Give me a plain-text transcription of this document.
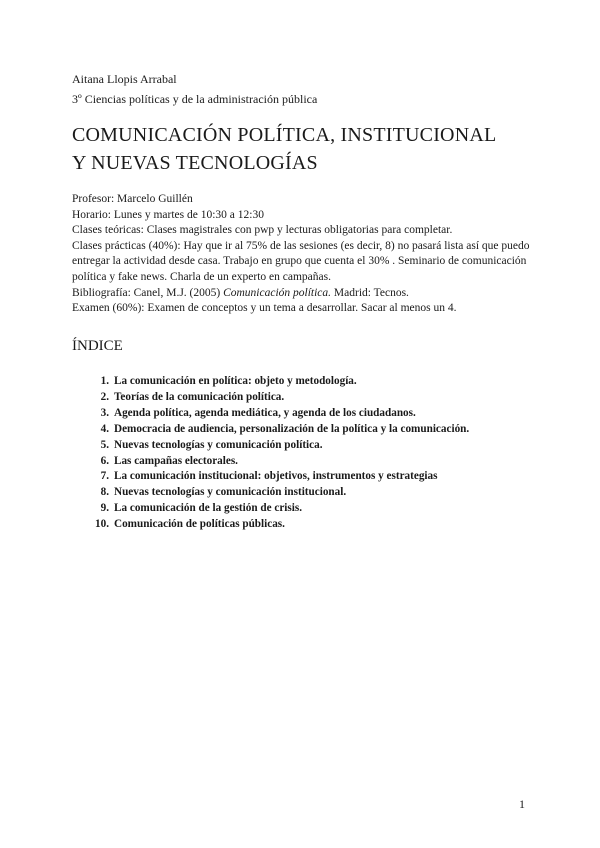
Aitana Llopis Arrabal
3º Ciencias políticas y de la administración pública
COMUNICACIÓN POLÍTICA, INSTITUCIONAL
Y NUEVAS TECNOLOGÍAS

Profesor: Marcelo Guillén

Horario: Lunes y martes de 10:30 a 12:30

Clases teóricas: Clases magistrales con pwp y lecturas obligatorias para completar.

Clases prácticas (40%): Hay que ir al 75% de las sesiones (es decir, 8) no pasará lista así que puedo entregar la actividad desde casa. Trabajo en grupo que cuenta el 30% . Seminario de comunicación política y fake news. Charla de un experto en campañas.

Bibliografía: Canel, M.J. (2005) Comunicación política. Madrid: Tecnos.

Examen (60%): Examen de conceptos y un tema a desarrollar. Sacar al menos un 4.

ÍNDICE
1. La comunicación en política: objeto y metodología.
2. Teorías de la comunicación política.
3. Agenda política, agenda mediática, y agenda de los ciudadanos.
4. Democracia de audiencia, personalización de la política y la comunicación.
5. Nuevas tecnologías y comunicación política.
6. Las campañas electorales.
7. La comunicación institucional: objetivos, instrumentos y estrategias
8. Nuevas tecnologías y comunicación institucional.
9. La comunicación de la gestión de crisis.
10. Comunicación de políticas públicas.
1
